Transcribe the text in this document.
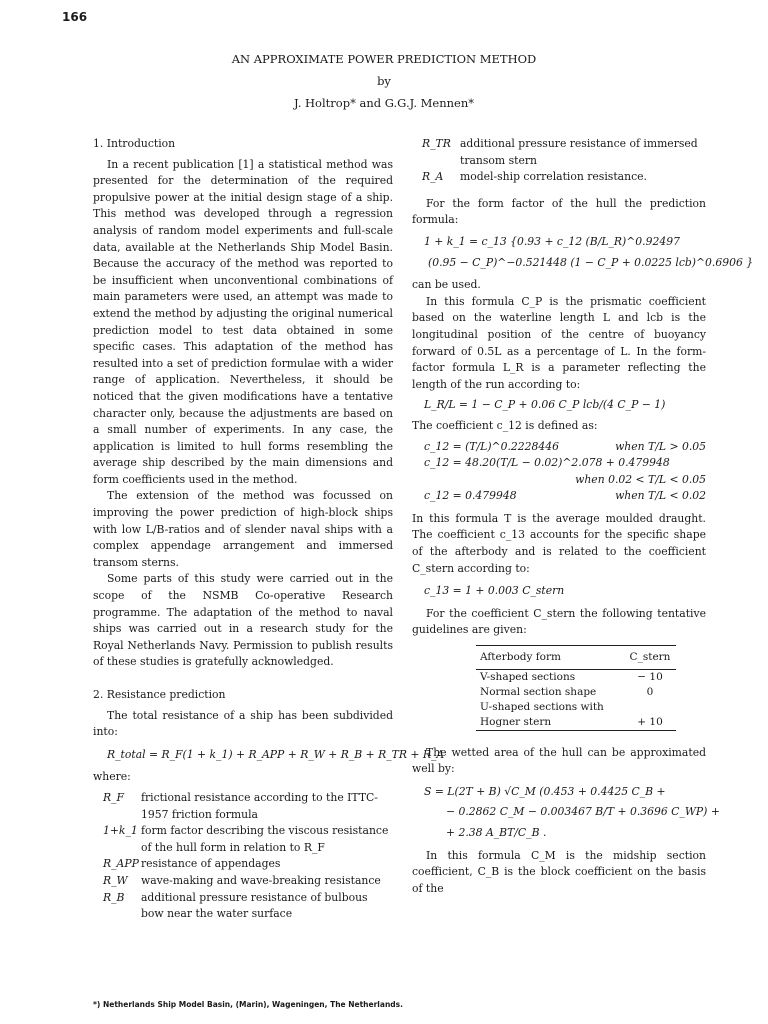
166
AN APPROXIMATE POWER PREDICTION METHOD
by
J. Holtrop* and G.G.J. Mennen*
1. Introduction

In a recent publication [1] a statistical method was presented for the determination of the required propulsive power at the initial design stage of a ship. This method was developed through a regression analysis of random model experiments and full-scale data, available at the Netherlands Ship Model Basin. Because the accuracy of the method was reported to be insufficient when unconventional combinations of main parameters were used, an attempt was made to extend the method by adjusting the original numerical prediction model to test data obtained in some specific cases. This adaptation of the method has resulted into a set of prediction formulae with a wider range of application. Nevertheless, it should be noticed that the given modifications have a tentative character only, because the adjustments are based on a small number of experiments. In any case, the application is limited to hull forms resembling the average ship described by the main dimensions and form coefficients used in the method.

The extension of the method was focussed on improving the power prediction of high-block ships with low L/B-ratios and of slender naval ships with a complex appendage arrangement and immersed transom sterns.

Some parts of this study were carried out in the scope of the NSMB Co-operative Research programme. The adaptation of the method to naval ships was carried out in a research study for the Royal Netherlands Navy. Permission to publish results of these studies is gratefully acknowledged.

2. Resistance prediction

The total resistance of a ship has been subdivided into:

R_total = R_F(1 + k_1) + R_APP + R_W + R_B + R_TR + R_A

where:

R_F	frictional resistance according to the ITTC-1957 friction formula
1+k_1 form factor describing the viscous resistance of the hull form in relation to R_F
R_APP resistance of appendages
R_W	wave-making and wave-breaking resistance
R_B	additional pressure resistance of bulbous bow near the water surface
R_TR additional pressure resistance of immersed transom stern
R_A	model-ship correlation resistance.

For the form factor of the hull the prediction formula:

1 + k_1 = c_13 {0.93 + c_12 (B/L_R)^0.92497
(0.95 − C_P)^−0.521448 (1 − C_P + 0.0225 lcb)^0.6906 }

can be used.

In this formula C_P is the prismatic coefficient based on the waterline length L and lcb is the longitudinal position of the centre of buoyancy forward of 0.5L as a percentage of L. In the form-factor formula L_R is a parameter reflecting the length of the run according to:

L_R/L = 1 − C_P + 0.06 C_P lcb/(4 C_P − 1)

The coefficient c_12 is defined as:

c_12 = (T/L)^0.2228446	when T/L > 0.05
c_12 = 48.20(T/L − 0.02)^2.078 + 0.479948
when 0.02 < T/L < 0.05
c_12 = 0.479948	when T/L < 0.02

In this formula T is the average moulded draught. The coefficient c_13 accounts for the specific shape of the afterbody and is related to the coefficient C_stern according to:

c_13 = 1 + 0.003 C_stern

For the coefficient C_stern the following tentative guidelines are given:

Afterbody form	C_stern
V-shaped sections	− 10
Normal section shape	0
U-shaped sections with Hogner stern	+ 10

The wetted area of the hull can be approximated well by:

S = L(2T + B) √C_M (0.453 + 0.4425 C_B +
− 0.2862 C_M − 0.003467 B/T + 0.3696 C_WP) +
+ 2.38 A_BT/C_B .

In this formula C_M is the midship section coefficient, C_B is the block coefficient on the basis of the

*) Netherlands Ship Model Basin, (Marin), Wageningen, The Netherlands.
